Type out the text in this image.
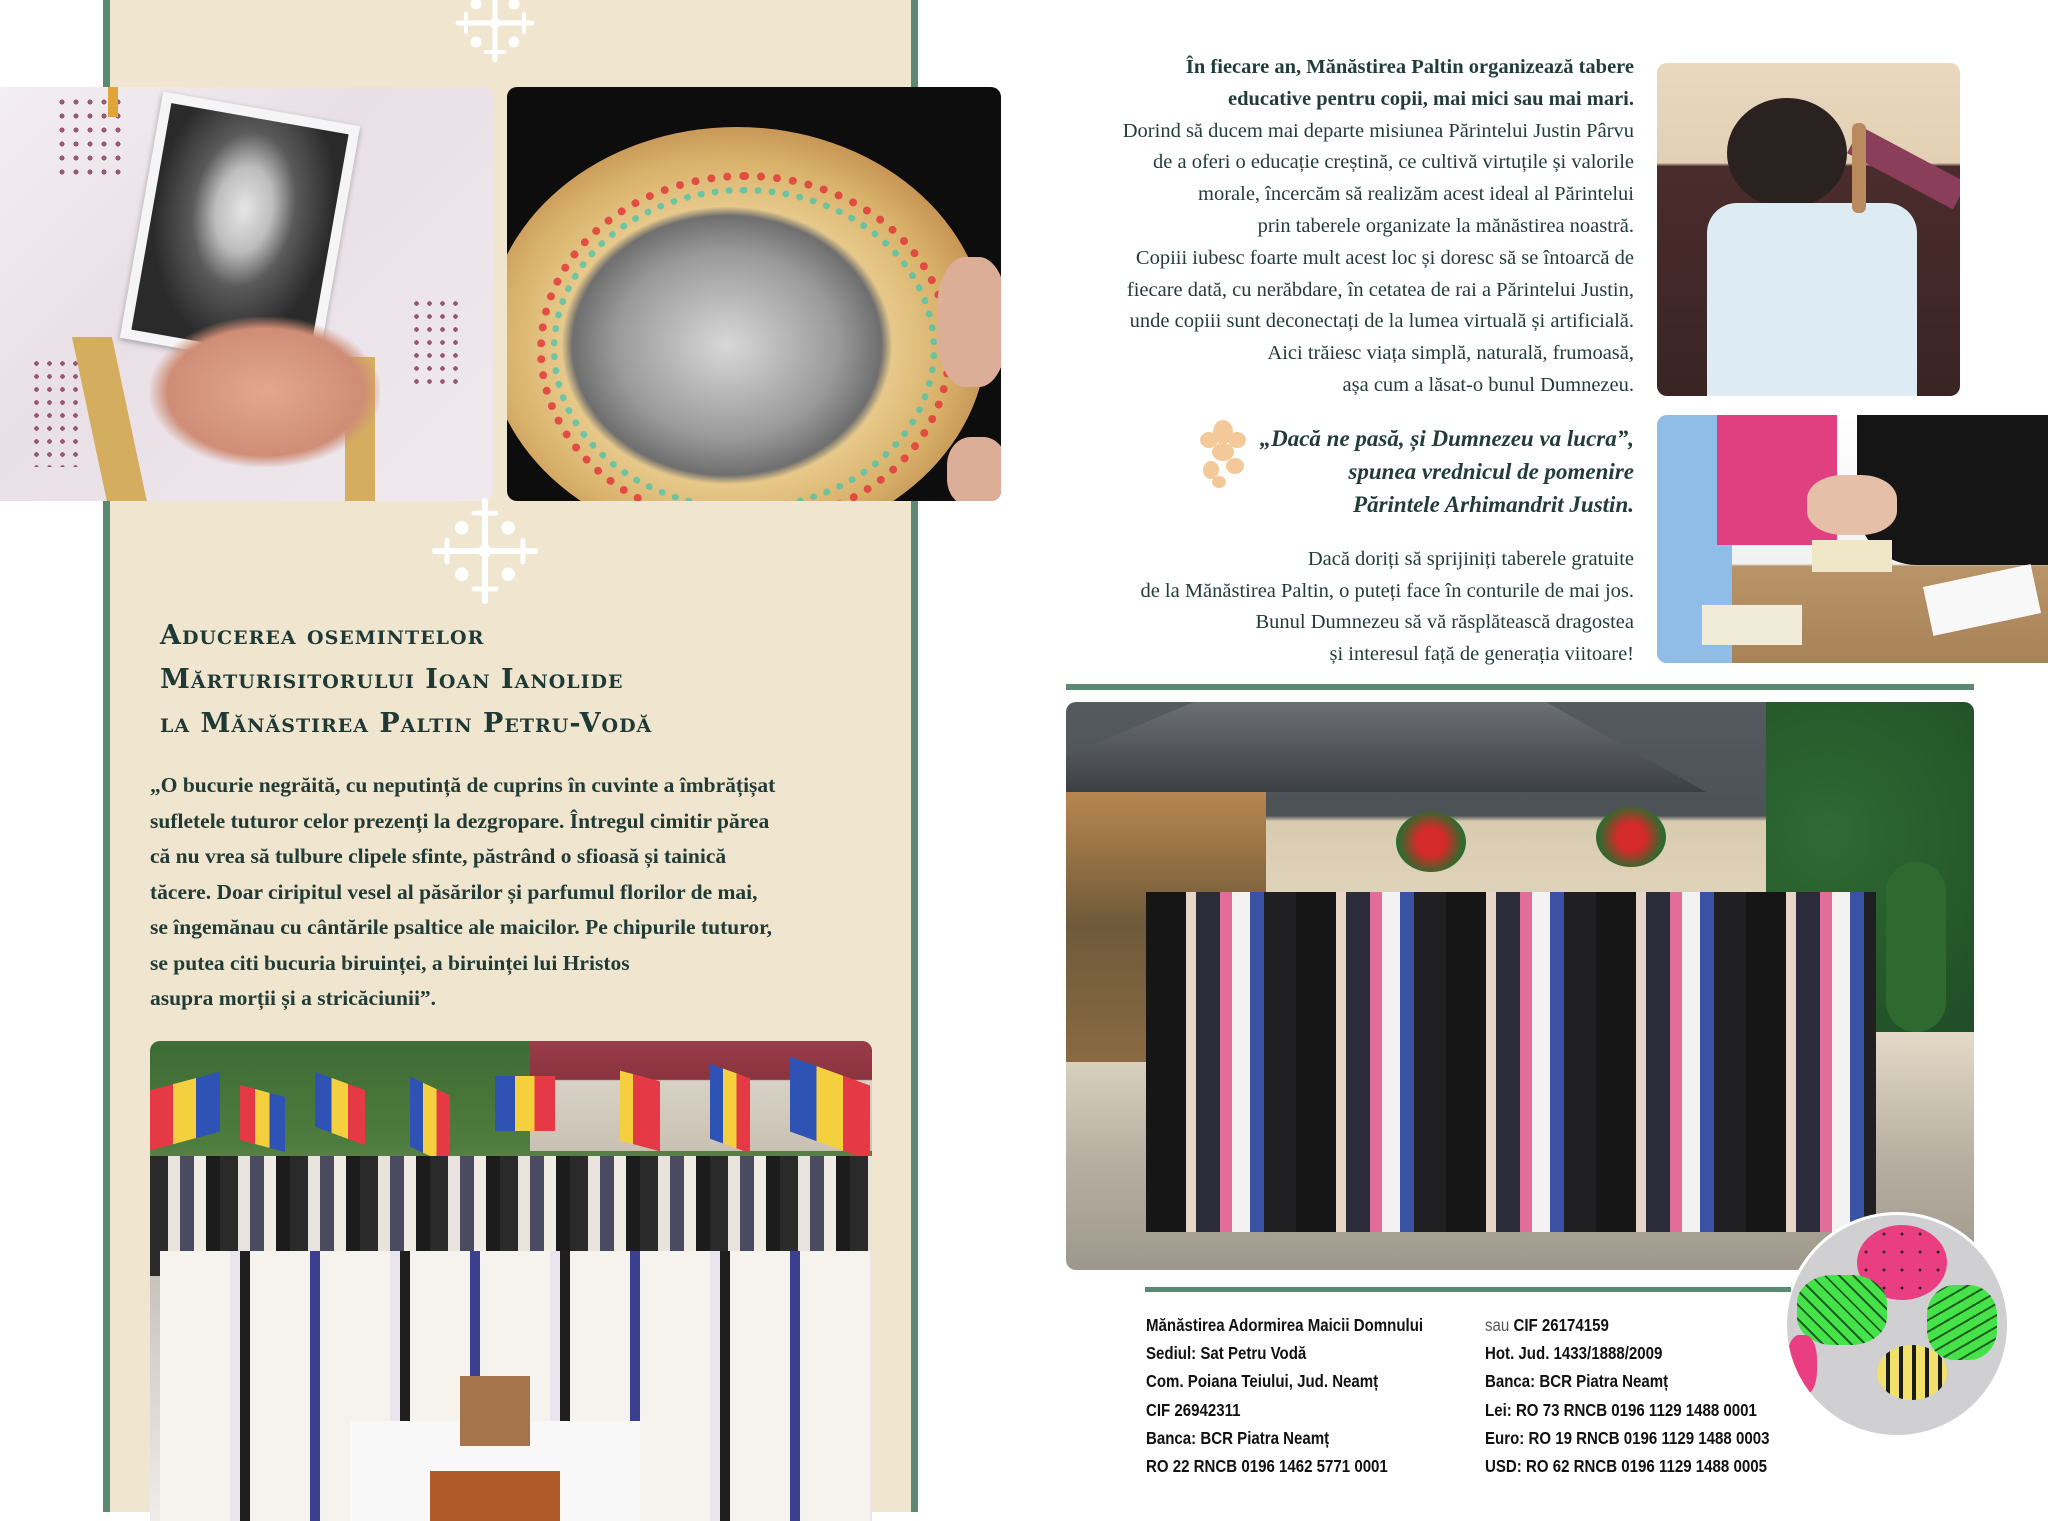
Aducerea osemintelor
Mărturisitorului Ioan Ianolide
la Mănăstirea Paltin Petru-Vodă
„O bucurie negrăită, cu neputință de cuprins în cuvinte a îmbrățișat
sufletele tuturor celor prezenți la dezgropare. Întregul cimitir părea
că nu vrea să tulbure clipele sfinte, păstrând o sfioasă și tainică
tăcere. Doar ciripitul vesel al păsărilor și parfumul florilor de mai,
se îngemănau cu cântările psaltice ale maicilor. Pe chipurile tuturor,
se putea citi bucuria biruinței, a biruinței lui Hristos
asupra morții și a stricăciunii”.
În fiecare an, Mănăstirea Paltin organizează tabere
educative pentru copii, mai mici sau mai mari.
Dorind să ducem mai departe misiunea Părintelui Justin Pârvu
de a oferi o educație creștină, ce cultivă virtuțile și valorile
morale, încercăm să realizăm acest ideal al Părintelui
prin taberele organizate la mănăstirea noastră.
Copiii iubesc foarte mult acest loc și doresc să se întoarcă de
fiecare dată, cu nerăbdare, în cetatea de rai a Părintelui Justin,
unde copiii sunt deconectați de la lumea virtuală și artificială.
Aici trăiesc viața simplă, naturală, frumoasă,
așa cum a lăsat-o bunul Dumnezeu.
„Dacă ne pasă, și Dumnezeu va lucra”,
spunea vrednicul de pomenire
Părintele Arhimandrit Justin.
Dacă doriți să sprijiniți taberele gratuite
de la Mănăstirea Paltin, o puteți face în conturile de mai jos.
Bunul Dumnezeu să vă răsplătească dragostea
și interesul față de generația viitoare!
Mănăstirea Adormirea Maicii Domnului
Sediul: Sat Petru Vodă
Com. Poiana Teiului, Jud. Neamț
CIF 26942311
Banca: BCR Piatra Neamț
RO 22 RNCB 0196 1462 5771 0001
sau CIF 26174159
Hot. Jud. 1433/1888/2009
Banca: BCR Piatra Neamț
Lei: RO 73 RNCB 0196 1129 1488 0001
Euro: RO 19 RNCB 0196 1129 1488 0003
USD: RO 62 RNCB 0196 1129 1488 0005
